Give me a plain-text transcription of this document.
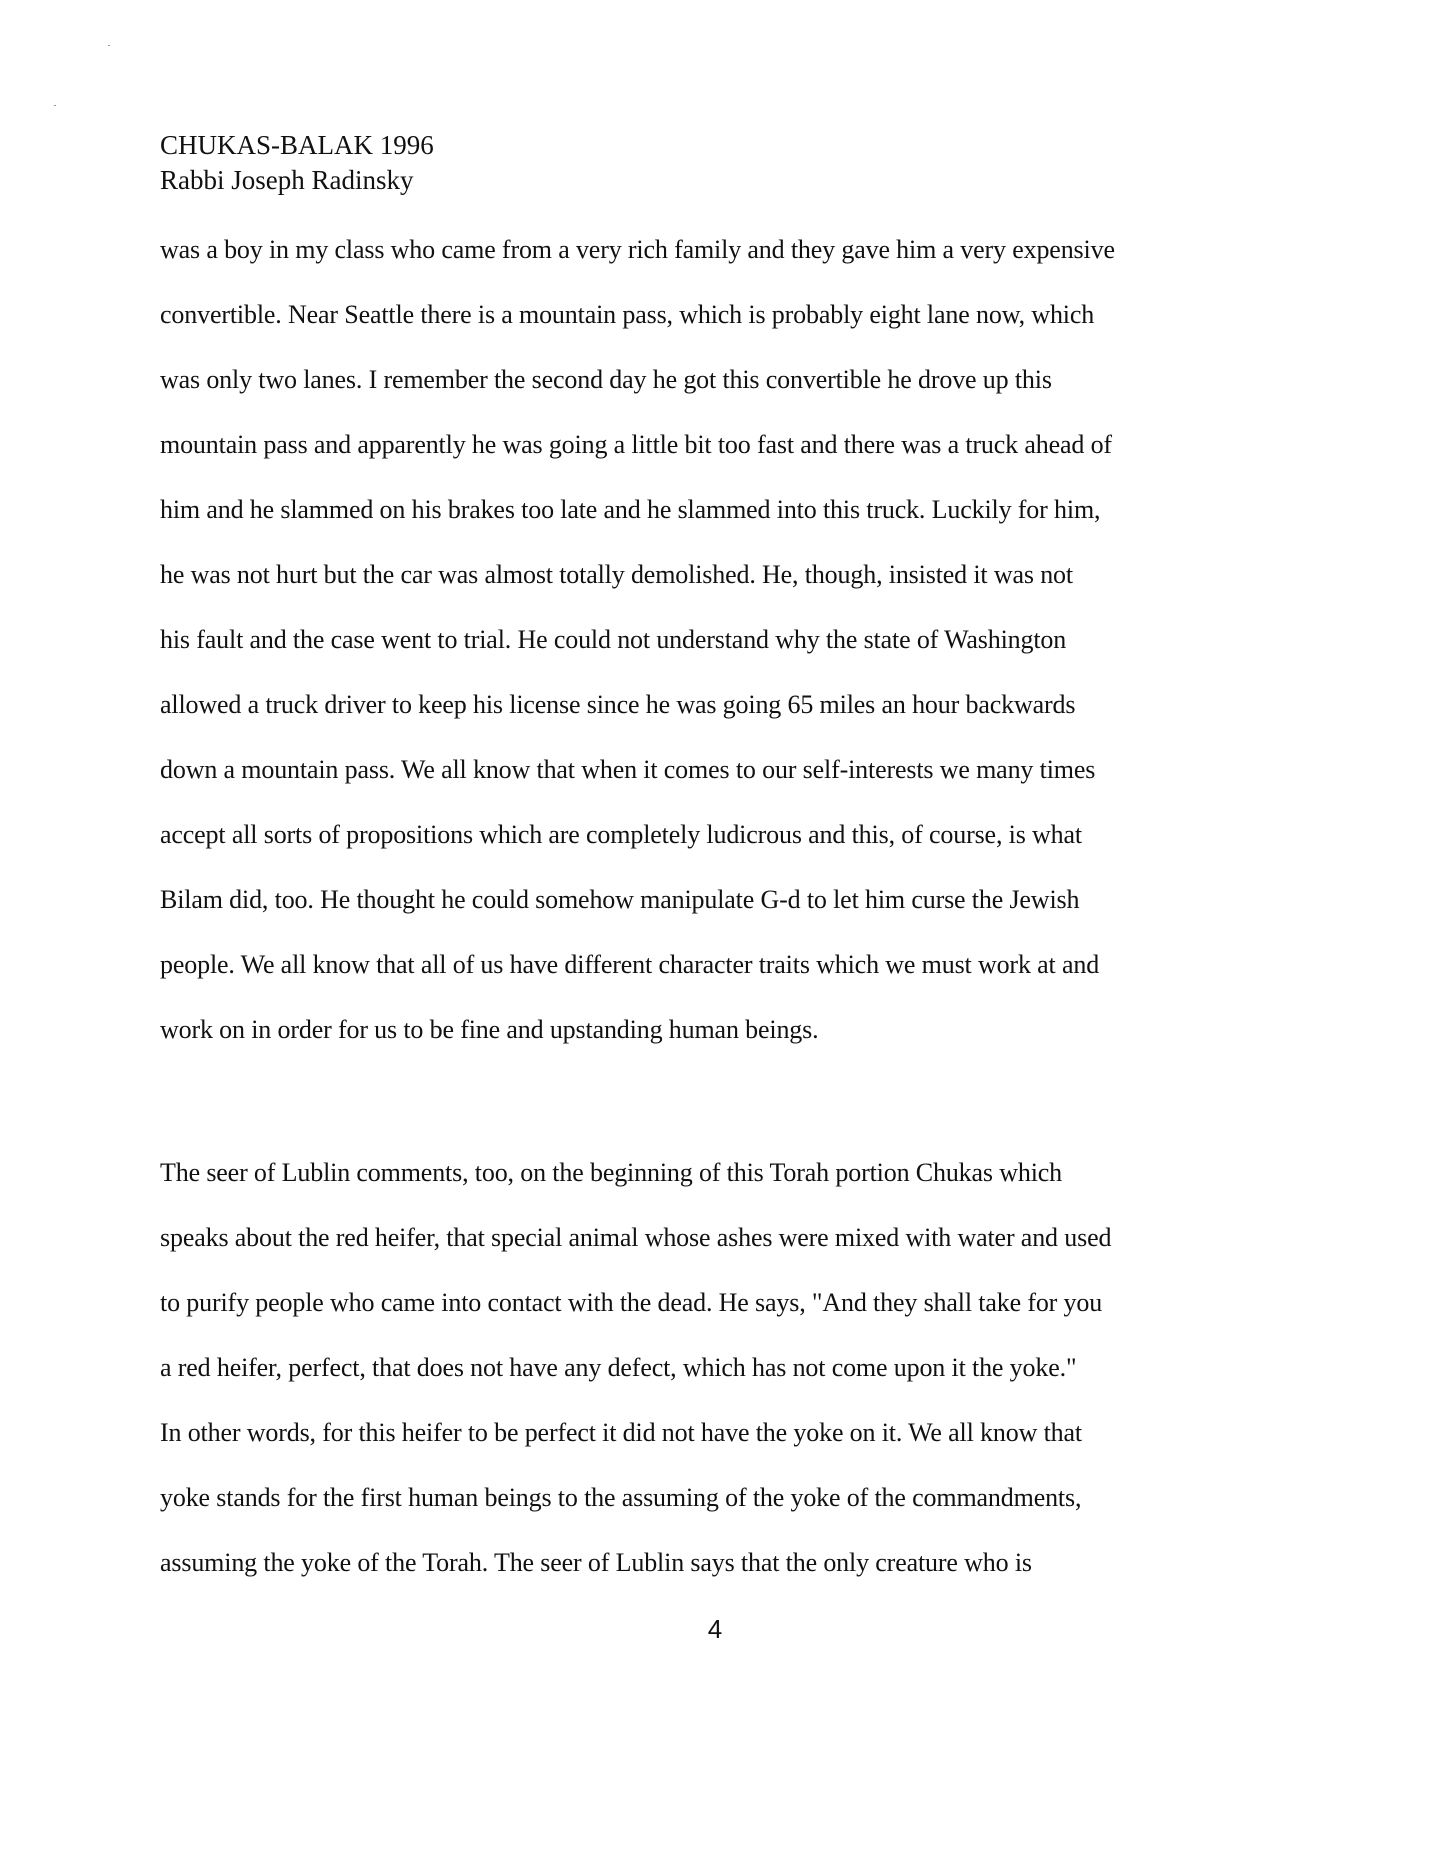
CHUKAS-BALAK 1996
Rabbi Joseph Radinsky
was a boy in my class who came from a very rich family and they gave him a very expensive
convertible. Near Seattle there is a mountain pass, which is probably eight lane now, which
was only two lanes. I remember the second day he got this convertible he drove up this
mountain pass and apparently he was going a little bit too fast and there was a truck ahead of
him and he slammed on his brakes too late and he slammed into this truck. Luckily for him,
he was not hurt but the car was almost totally demolished. He, though, insisted it was not
his fault and the case went to trial. He could not understand why the state of Washington
allowed a truck driver to keep his license since he was going 65 miles an hour backwards
down a mountain pass. We all know that when it comes to our self-interests we many times
accept all sorts of propositions which are completely ludicrous and this, of course, is what
Bilam did, too. He thought he could somehow manipulate G-d to let him curse the Jewish
people. We all know that all of us have different character traits which we must work at and
work on in order for us to be fine and upstanding human beings.
The seer of Lublin comments, too, on the beginning of this Torah portion Chukas which
speaks about the red heifer, that special animal whose ashes were mixed with water and used
to purify people who came into contact with the dead. He says, "And they shall take for you
a red heifer, perfect, that does not have any defect, which has not come upon it the yoke."
In other words, for this heifer to be perfect it did not have the yoke on it. We all know that
yoke stands for the first human beings to the assuming of the yoke of the commandments,
assuming the yoke of the Torah. The seer of Lublin says that the only creature who is
4
